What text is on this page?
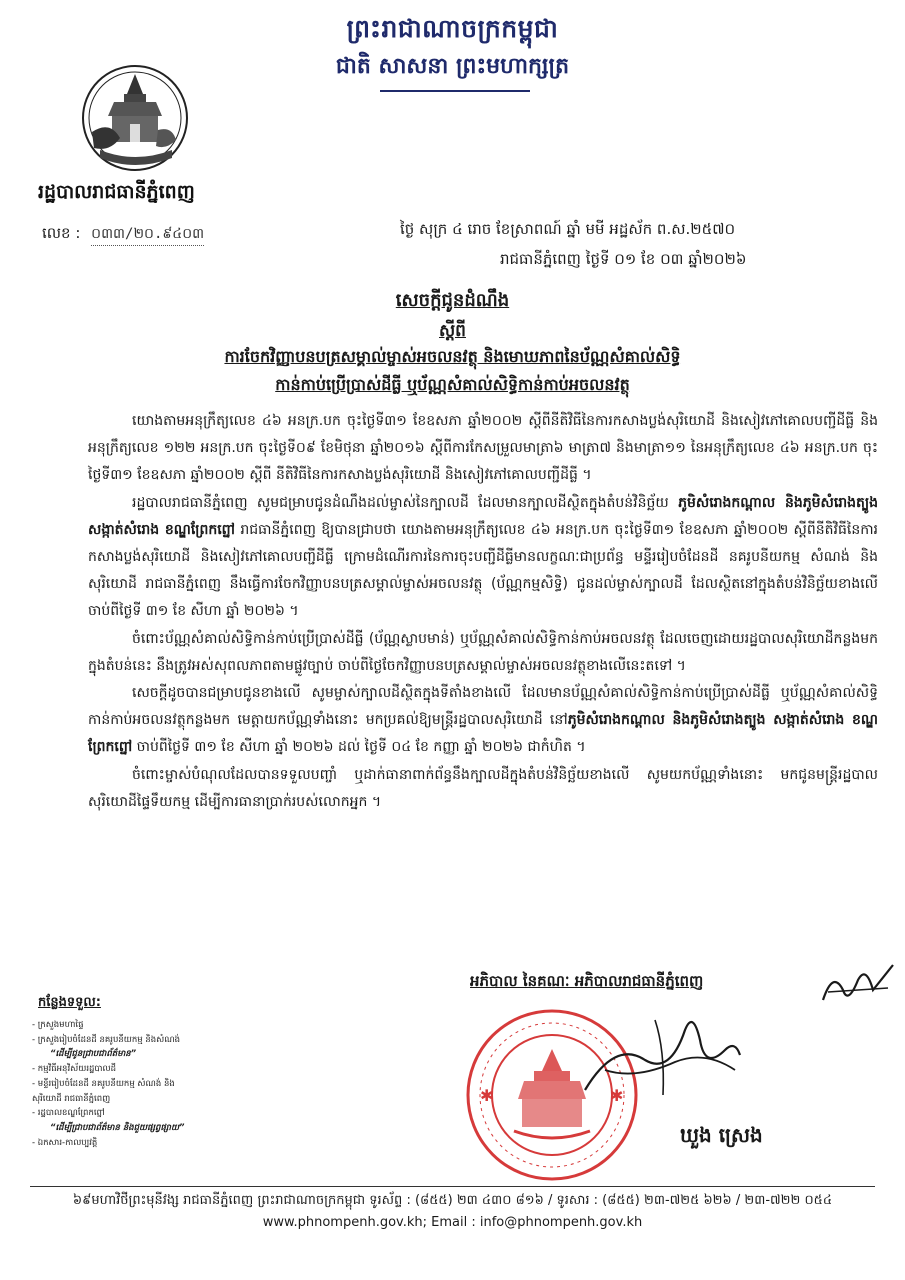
ព្រះរាជាណាចក្រកម្ពុជា
ជាតិ សាសនា ព្រះមហាក្សត្រ
រដ្ឋបាលរាជធានីភ្នំពេញ
លេខ : ០៣៣/២០.៩៤០៣	ថ្ងៃ សុក្រ ៤ រោច ខែស្រាពណ៍ ឆ្នាំ មមី អដ្ឋស័ក ព.ស.២៥៧០
រាជធានីភ្នំពេញ ថ្ងៃទី ០១ ខែ ០៣ ឆ្នាំ២០២៦
សេចក្តីជូនដំណឹង
ស្តីពី
ការចែកវិញ្ញាបនបត្រសម្គាល់ម្ចាស់អចលនវត្ថុ និងមោឃភាពនៃប័ណ្ណសំគាល់សិទ្ធិ
កាន់កាប់ប្រើប្រាស់ដីធ្លី ឬប័ណ្ណសំគាល់សិទ្ធិកាន់កាប់អចលនវត្ថុ

យោងតាមអនុក្រឹត្យលេខ ៤៦ អនក្រ.បក ចុះថ្ងៃទី៣១ ខែឧសភា ឆ្នាំ២០០២ ស្តីពីនីតិវិធីនៃការកសាងប្លង់សុរិយោដី និងសៀវភៅគោលបញ្ជីដីធ្លី និងអនុក្រឹត្យលេខ ១២២ អនក្រ.បក ចុះថ្ងៃទី០៩ ខែមិថុនា ឆ្នាំ២០១៦ ស្តីពីការកែសម្រួលមាត្រា៦ មាត្រា៧ និងមាត្រា១១ នៃអនុក្រឹត្យលេខ ៤៦ អនក្រ.បក ចុះថ្ងៃទី៣១ ខែឧសភា ឆ្នាំ២០០២ ស្តីពី នីតិវិធីនៃការកសាងប្លង់សុរិយោដី និងសៀវភៅគោលបញ្ជីដីធ្លី ។

រដ្ឋបាលរាជធានីភ្នំពេញ សូមជម្រាបជូនដំណឹងដល់ម្ចាស់នៃក្បាលដី ដែលមានក្បាលដីស្ថិតក្នុងតំបន់វិនិច្ឆ័យ ភូមិសំរោងកណ្តាល និងភូមិសំរោងត្បូង សង្កាត់សំរោង ខណ្ឌព្រែកព្នៅ រាជធានីភ្នំពេញ ឱ្យបានជ្រាបថា យោងតាមអនុក្រឹត្យលេខ ៤៦ អនក្រ.បក ចុះថ្ងៃទី៣១ ខែឧសភា ឆ្នាំ២០០២ ស្តីពីនីតិវិធីនៃការកសាងប្លង់សុរិយោដី និងសៀវភៅគោលបញ្ជីដីធ្លី ក្រោមដំណើរការនៃការចុះបញ្ជីដីធ្លីមានលក្ខណៈជាប្រព័ន្ធ មន្ទីររៀបចំដែនដី នគរូបនីយកម្ម សំណង់ និងសុរិយោដី រាជធានីភ្នំពេញ នឹងធ្វើការចែកវិញ្ញាបនបត្រសម្គាល់ម្ចាស់អចលនវត្ថុ (ប័ណ្ណកម្មសិទ្ធិ) ជូនដល់ម្ចាស់ក្បាលដី ដែលស្ថិតនៅក្នុងតំបន់វិនិច្ឆ័យខាងលើ ចាប់ពីថ្ងៃទី ៣១ ខែ សីហា ឆ្នាំ ២០២៦ ។

ចំពោះប័ណ្ណសំគាល់សិទ្ធិកាន់កាប់ប្រើប្រាស់ដីធ្លី (ប័ណ្ណស្លាបមាន់) ឬប័ណ្ណសំគាល់សិទ្ធិកាន់កាប់អចលនវត្ថុ ដែលចេញដោយរដ្ឋបាលសុរិយោដីកន្លងមកក្នុងតំបន់នេះ នឹងត្រូវអស់សុពលភាពតាមផ្លូវច្បាប់ ចាប់ពីថ្ងៃចែកវិញ្ញាបនបត្រសម្គាល់ម្ចាស់អចលនវត្ថុខាងលើនេះតទៅ ។

សេចក្តីដូចបានជម្រាបជូនខាងលើ សូមម្ចាស់ក្បាលដីស្ថិតក្នុងទីតាំងខាងលើ ដែលមានប័ណ្ណសំគាល់សិទ្ធិកាន់កាប់ប្រើប្រាស់ដីធ្លី ឬប័ណ្ណសំគាល់សិទ្ធិកាន់កាប់អចលនវត្ថុកន្លងមក មេត្តាយកប័ណ្ណទាំងនោះ មកប្រគល់ឱ្យមន្ត្រីរដ្ឋបាលសុរិយោដី នៅភូមិសំរោងកណ្តាល និងភូមិសំរោងត្បូង សង្កាត់សំរោង ខណ្ឌព្រែកព្នៅ ចាប់ពីថ្ងៃទី ៣១ ខែ សីហា ឆ្នាំ ២០២៦ ដល់ ថ្ងៃទី ០៤ ខែ កញ្ញា ឆ្នាំ ២០២៦ ជាកំហិត ។

ចំពោះម្ចាស់បំណុលដែលបានទទួលបញ្ចាំ ឬដាក់ធានាពាក់ព័ន្ធនឹងក្បាលដីក្នុងតំបន់វិនិច្ឆ័យខាងលើ សូមយកប័ណ្ណទាំងនោះ មកជូនមន្ត្រីរដ្ឋបាលសុរិយោដីផ្ទៃទឹយកម្ម ដើម្បីការធានាប្រាក់របស់លោកអ្នក ។

អភិបាល នៃគណៈ អភិបាលរាជធានីភ្នំពេញ
✱	✱
ឃួង ស្រេង
កន្លែងទទួល:
- ក្រសួងមហាផ្ទៃ
- ក្រសួងរៀបចំដែនដី នគរូបនីយកម្ម និងសំណង់
“ដើម្បីជូនជ្រាបជាព័ត៌មាន”
- កម្មវិធីអនុវិស័យរដ្ឋបាលដី
- មន្ទីររៀបចំដែនដី នគរូបនីយកម្ម សំណង់ និង
សុរិយោដី រាជធានីភ្នំពេញ
- រដ្ឋបាលខណ្ឌព្រែកព្នៅ
“ដើម្បីជ្រាបជាព័ត៌មាន និងជួយផ្សព្វផ្សាយ”
- ឯកសារ-កាលប្បវត្តិ
៦៩មហាវិថីព្រះមុនីវង្ស រាជធានីភ្នំពេញ ព្រះរាជាណាចក្រកម្ពុជា ទូរស័ព្ទ : (៨៥៥) ២៣ ៤៣០ ៨១៦ / ទូរសារ : (៨៥៥) ២៣-៧២៥ ៦២៦ / ២៣-៧២២ ០៥៤
www.phnompenh.gov.kh; Email : info@phnompenh.gov.kh
